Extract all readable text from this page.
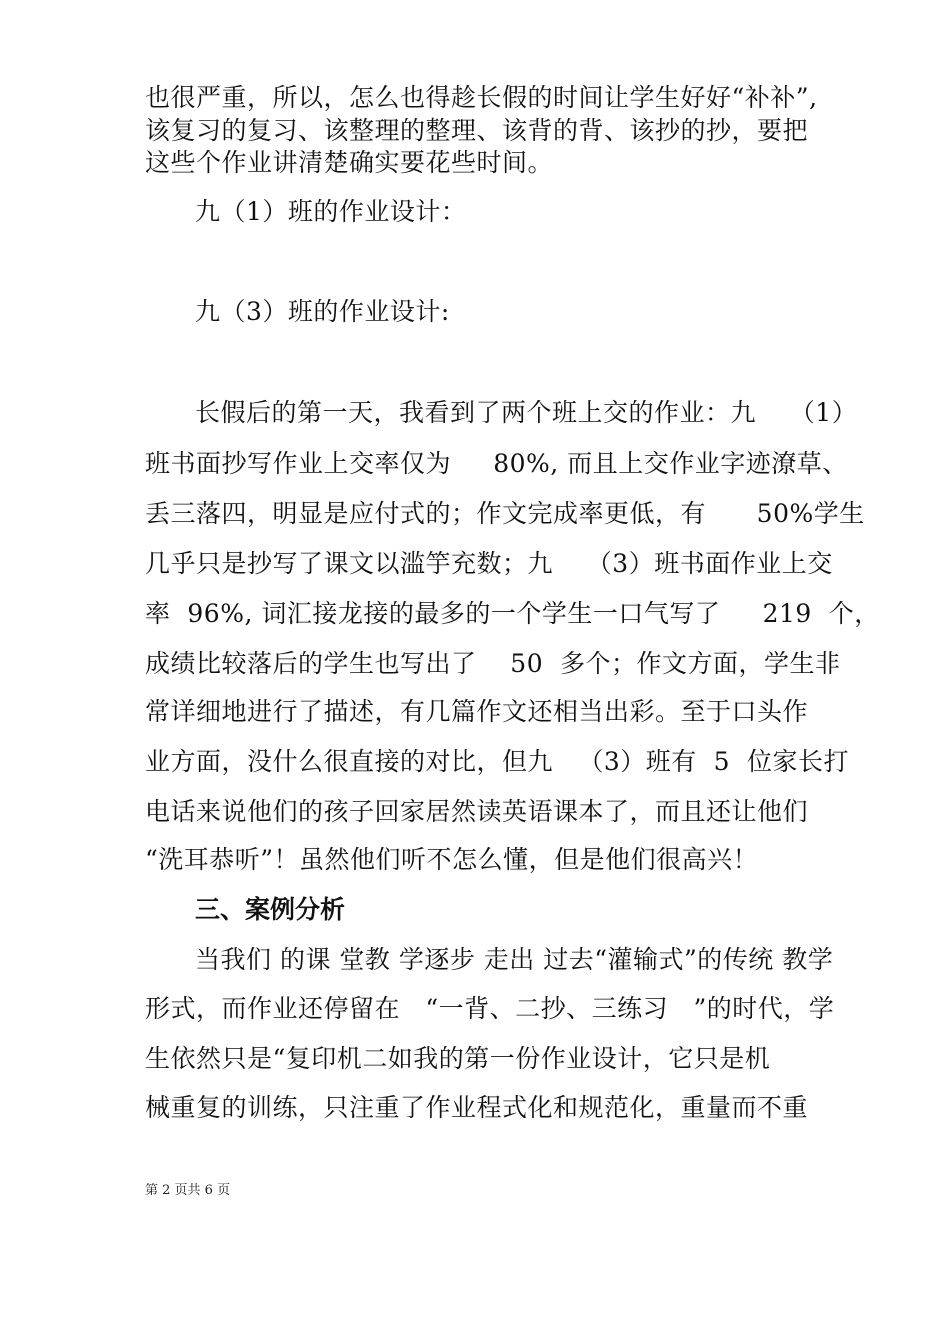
也很严重，所以，怎么也得趁长假的时间让学生好好“补补”,
该复习的复习、该整理的整理、该背的背、该抄的抄，要把
这些个作业讲清楚确实要花些时间。
九（1）班的作业设计：
九（3）班的作业设计:
长假后的第一天，我看到了两个班上交的作业：九    （1）
班书面抄写作业上交率仅为     80%, 而且上交作业字迹潦草、
丢三落四，明显是应付式的；作文完成率更低，有      50%学生
几乎只是抄写了课文以滥竽充数；九    （3）班书面作业上交
率  96%, 词汇接龙接的最多的一个学生一口气写了     219  个，
成绩比较落后的学生也写出了    50  多个；作文方面，学生非
常详细地进行了描述，有几篇作文还相当出彩。至于口头作
业方面，没什么很直接的对比，但九   （3）班有  5  位家长打
电话来说他们的孩子回家居然读英语课本了，而且还让他们
“洗耳恭听”！虽然他们听不怎么懂，但是他们很高兴！
三、案例分析
当我们 的课 堂教 学逐步 走出 过去“灌输式”的传统 教学
形式，而作业还停留在   “一背、二抄、三练习   ”的时代，学
生依然只是“复印机二如我的第一份作业设计，它只是机
械重复的训练，只注重了作业程式化和规范化，重量而不重
第 2 页共 6 页
